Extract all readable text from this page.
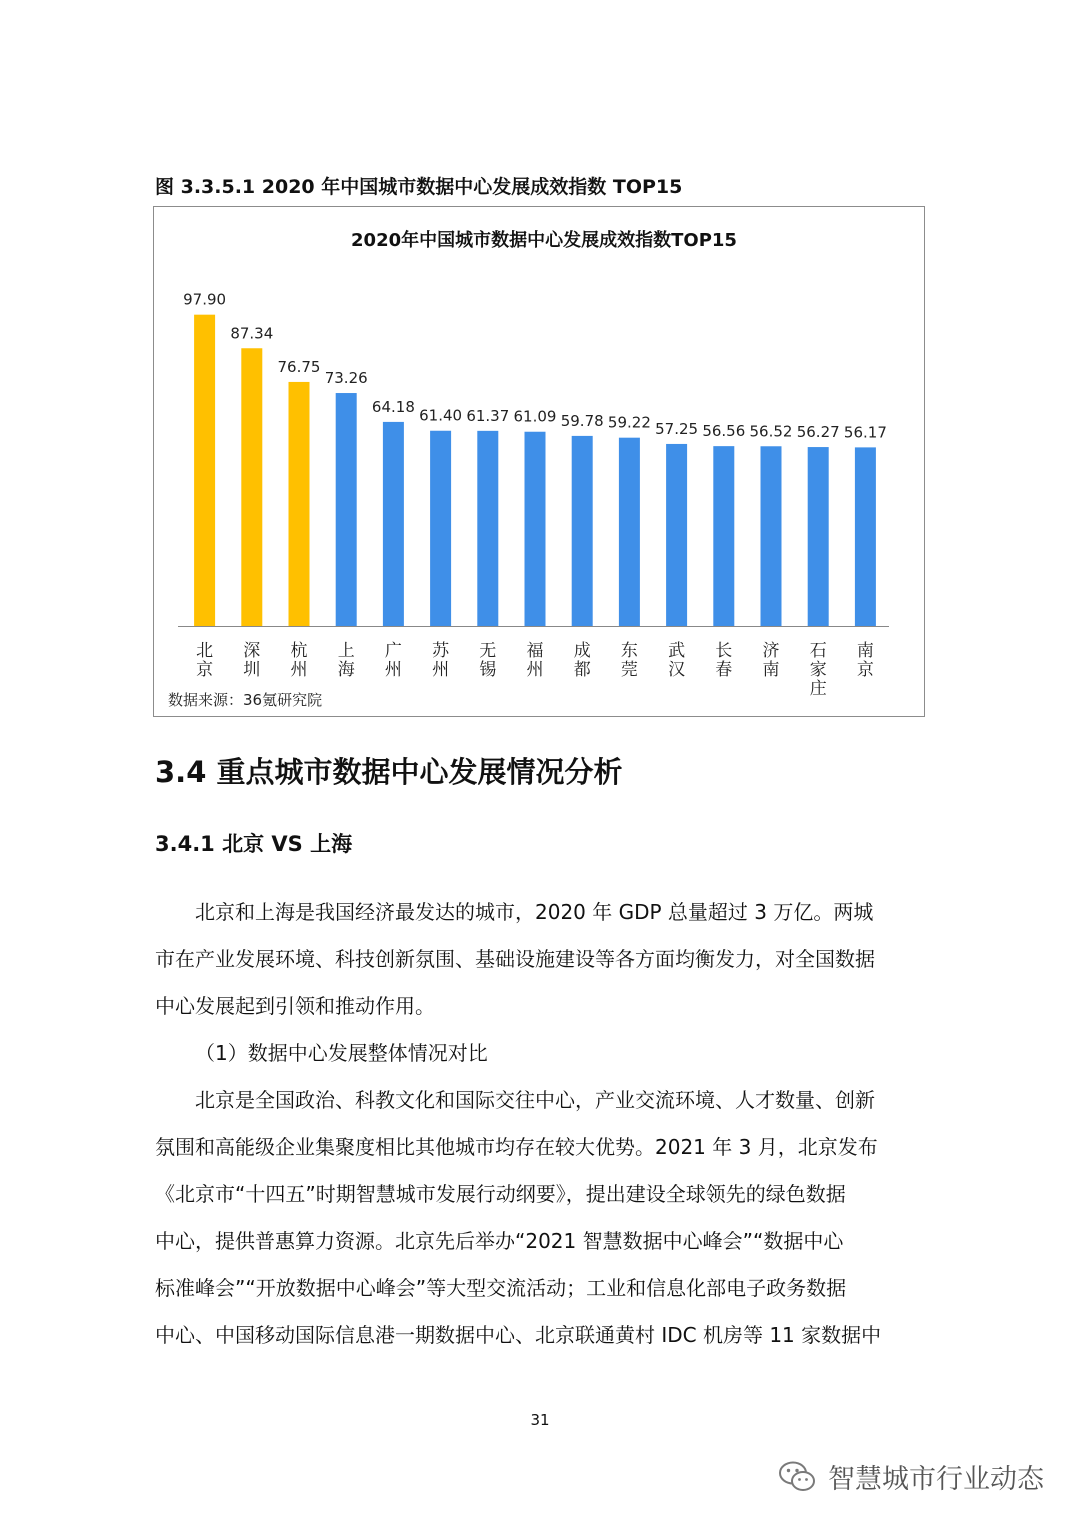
图 3.3.5.1 2020 年中国城市数据中心发展成效指数 TOP15
2020年中国城市数据中心发展成效指数TOP15
97.90
北京
87.34
深圳
76.75
杭州
73.26
上海
64.18
广州
61.40
苏州
61.37
无锡
61.09
福州
59.78
成都
59.22
东莞
57.25
武汉
56.56
长春
56.52
济南
56.27
石家庄
56.17
南京
数据来源：36氪研究院
3.4 重点城市数据中心发展情况分析
3.4.1 北京 VS 上海

北京和上海是我国经济最发达的城市，2020 年 GDP 总量超过 3 万亿。两城
市在产业发展环境、科技创新氛围、基础设施建设等各方面均衡发力，对全国数据
中心发展起到引领和推动作用。

（1）数据中心发展整体情况对比

北京是全国政治、科教文化和国际交往中心，产业交流环境、人才数量、创新
氛围和高能级企业集聚度相比其他城市均存在较大优势。2021 年 3 月，北京发布
《北京市“十四五”时期智慧城市发展行动纲要》，提出建设全球领先的绿色数据
中心，提供普惠算力资源。北京先后举办“2021 智慧数据中心峰会”“数据中心
标准峰会”“开放数据中心峰会”等大型交流活动；工业和信息化部电子政务数据
中心、中国移动国际信息港一期数据中心、北京联通黄村 IDC 机房等 11 家数据中

31
智慧城市行业动态
